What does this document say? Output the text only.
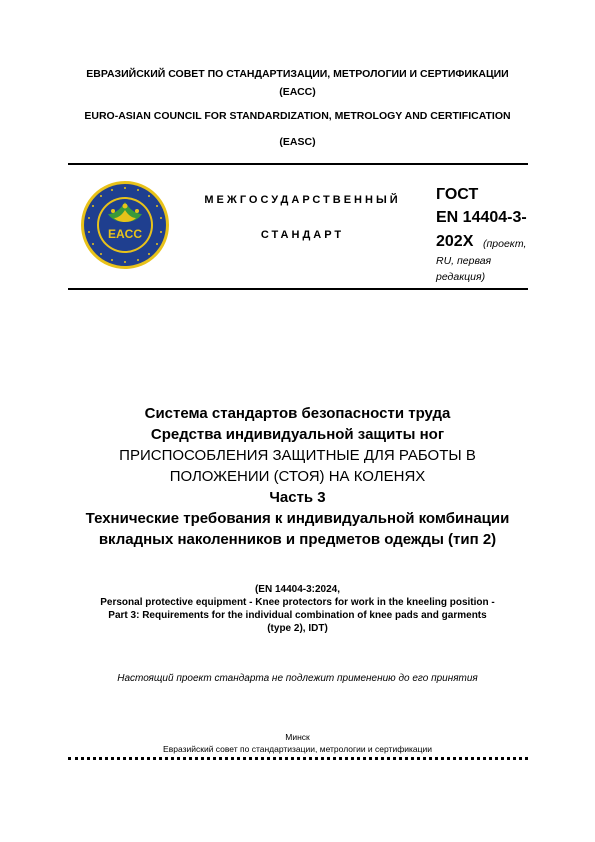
ЕВРАЗИЙСКИЙ СОВЕТ ПО СТАНДАРТИЗАЦИИ, МЕТРОЛОГИИ И СЕРТИФИКАЦИИ
(ЕАСС)
EURO-ASIAN COUNCIL FOR STANDARDIZATION, METROLOGY AND CERTIFICATION
(EASC)
EACC
МЕЖГОСУДАРСТВЕННЫЙ
СТАНДАРТ
ГОСТ
EN 14404-3-
202X (проект,
RU, первая
редакция)
Система стандартов безопасности труда
Средства индивидуальной защиты ног
ПРИСПОСОБЛЕНИЯ ЗАЩИТНЫЕ ДЛЯ РАБОТЫ В
ПОЛОЖЕНИИ (СТОЯ) НА КОЛЕНЯХ
Часть 3
Технические требования к индивидуальной комбинации
вкладных наколенников и предметов одежды (тип 2)
(EN 14404-3:2024,
Personal protective equipment - Knee protectors for work in the kneeling position -
Part 3: Requirements for the individual combination of knee pads and garments
(type 2), IDT)
Настоящий проект стандарта не подлежит применению до его принятия
Минск
Евразийский совет по стандартизации, метрологии и сертификации
